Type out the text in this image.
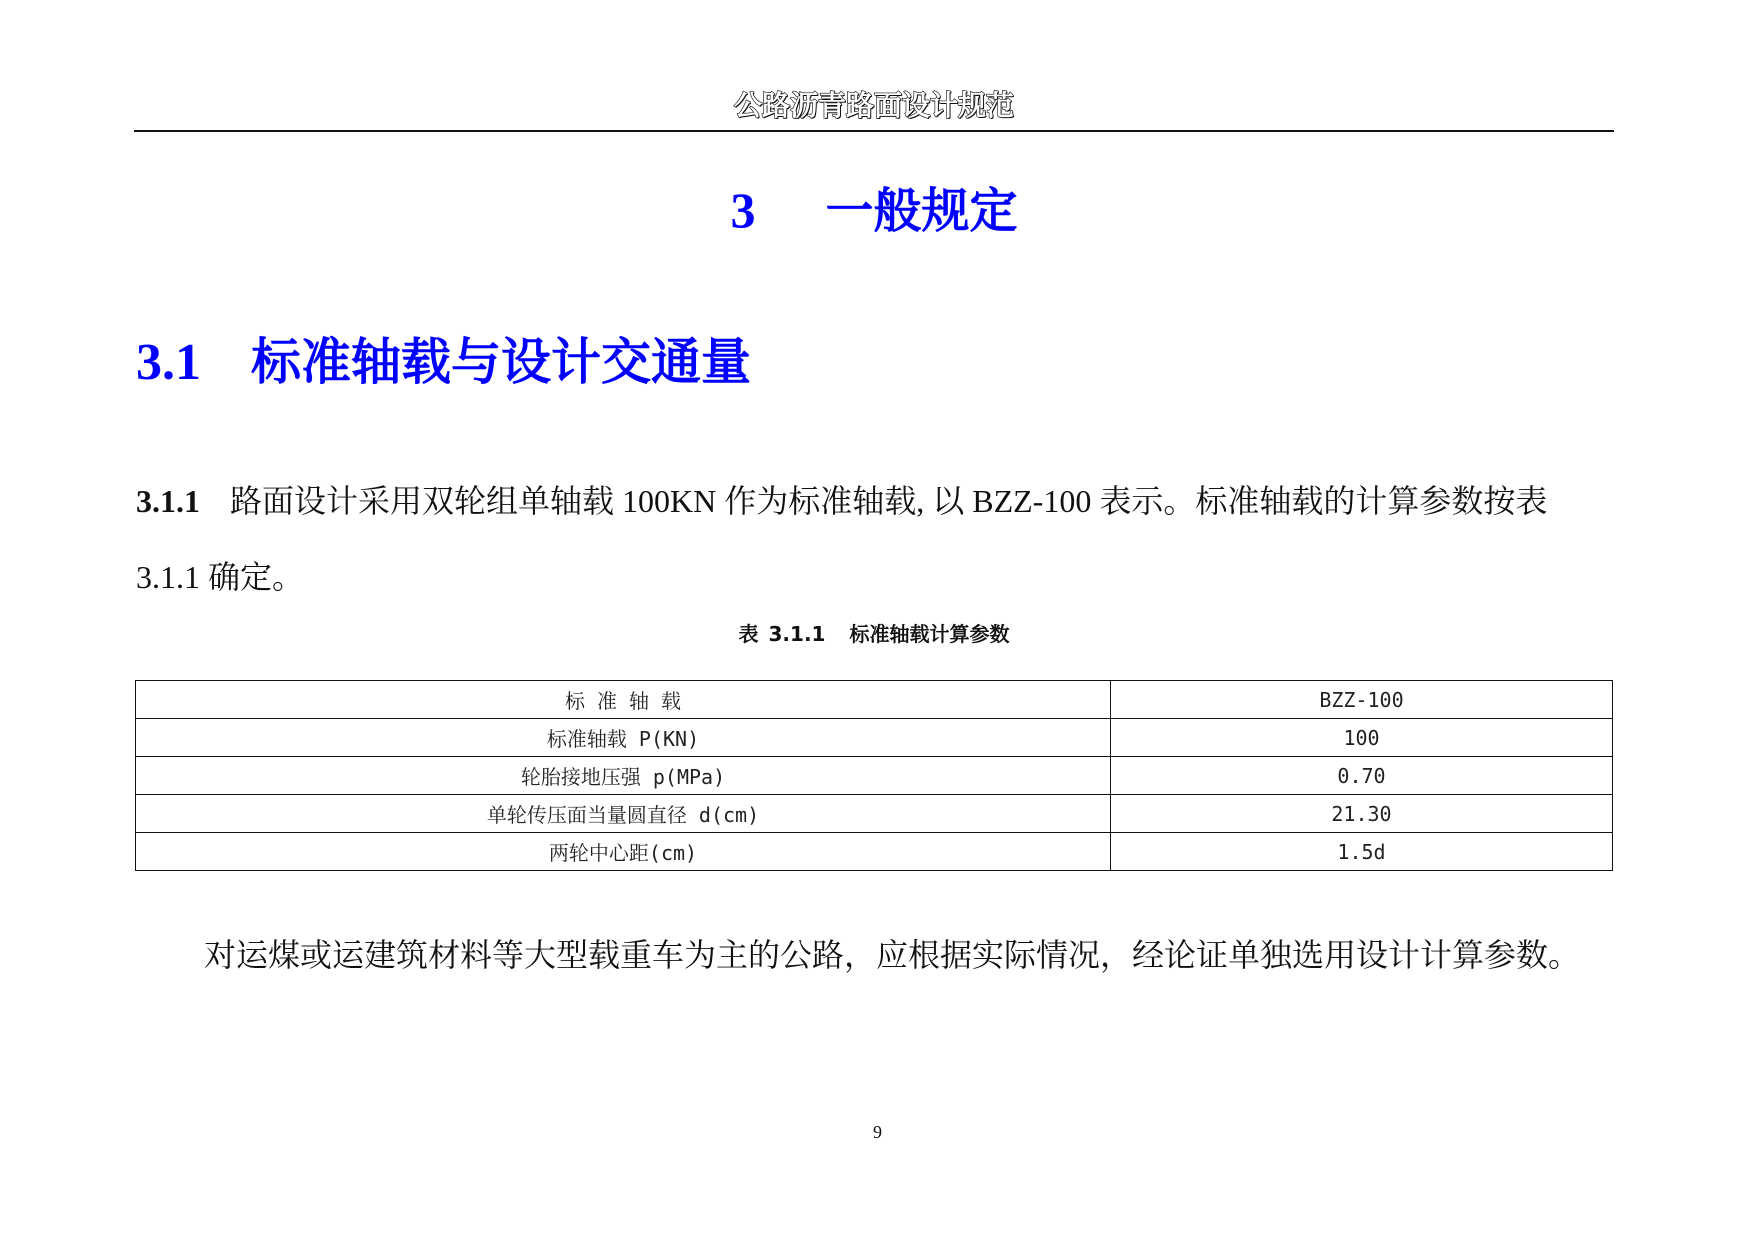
公路沥青路面设计规范
3 一般规定
3.1 标准轴载与设计交通量
3.1.1 路面设计采用双轮组单轴载 100KN 作为标准轴载, 以 BZZ-100 表示。标准轴载的计算参数按表
3.1.1 确定。
表 3.1.1 标准轴载计算参数
标 准 轴 载	BZZ-100
标准轴载 P(KN)	100
轮胎接地压强 p(MPa)	0.70
单轮传压面当量圆直径 d(cm)	21.30
两轮中心距(cm)	1.5d
对运煤或运建筑材料等大型载重车为主的公路，应根据实际情况，经论证单独选用设计计算参数。
9
